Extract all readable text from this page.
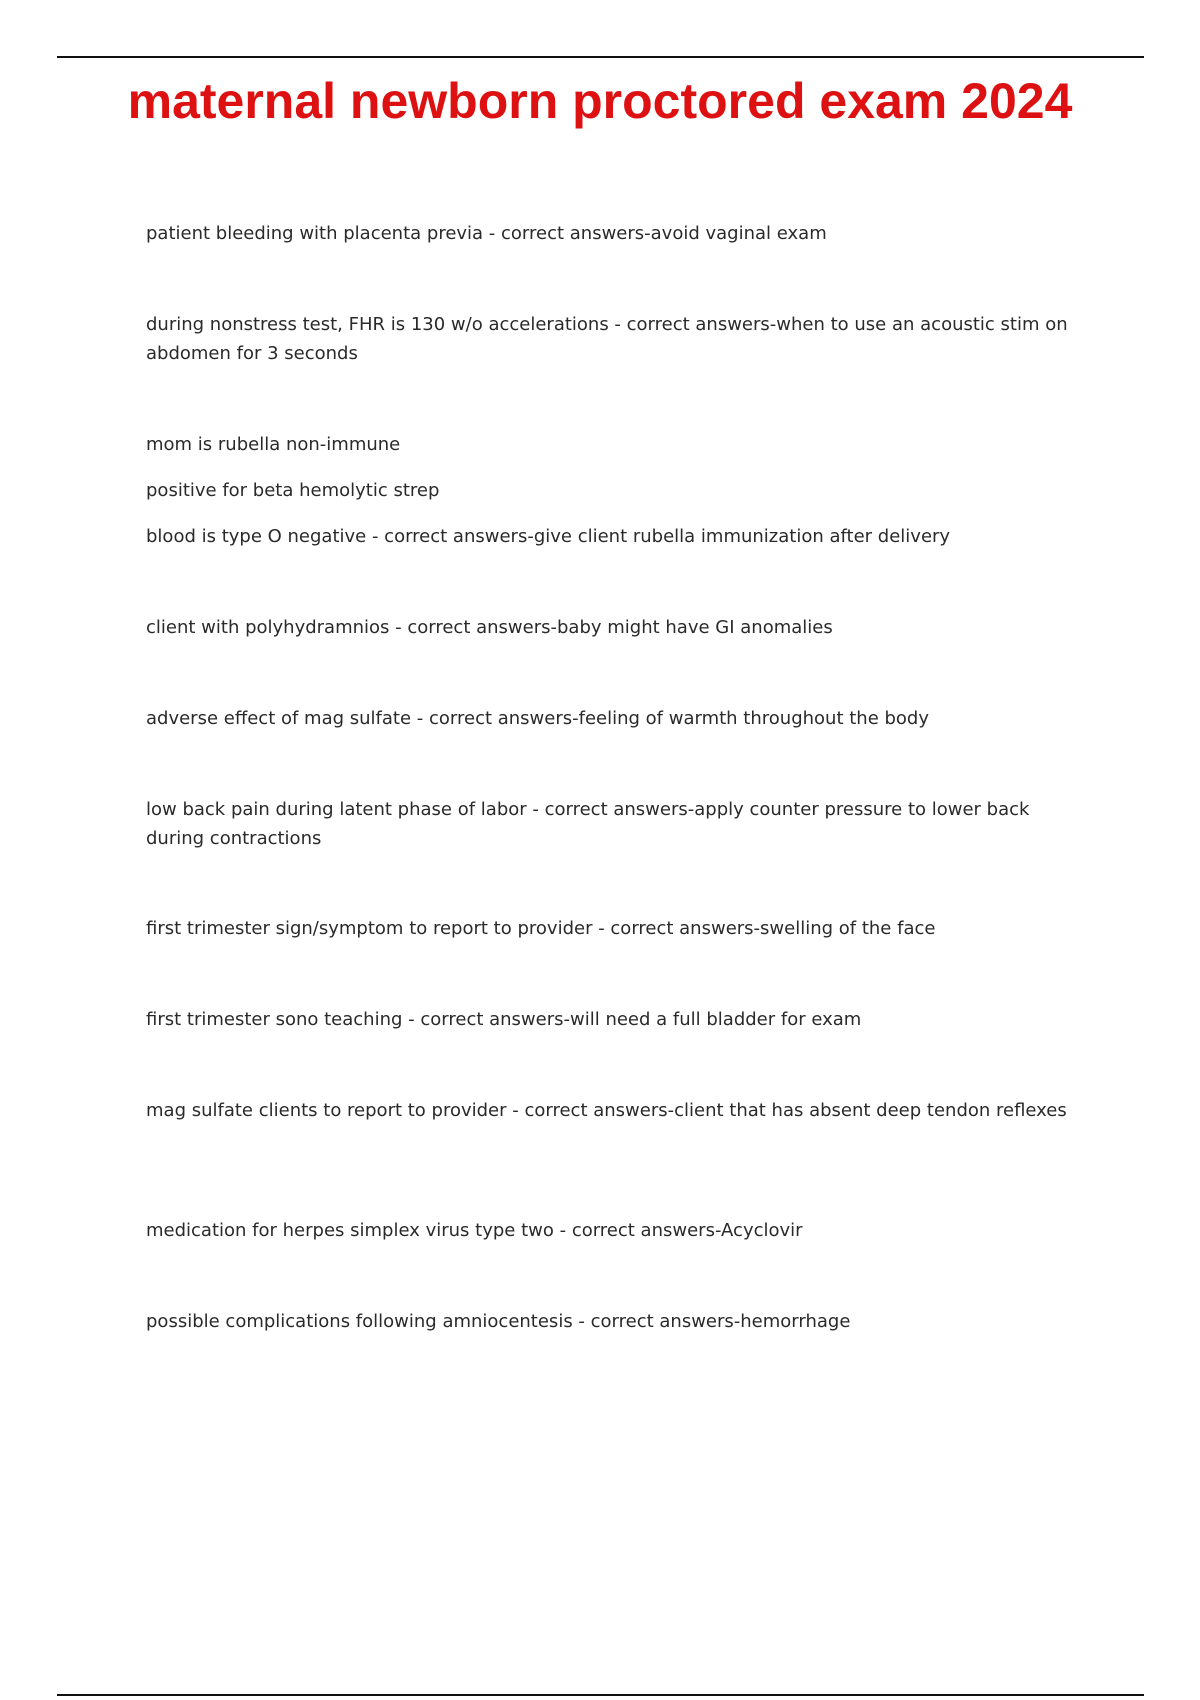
maternal newborn proctored exam 2024

patient bleeding with placenta previa - correct answers-avoid vaginal exam

during nonstress test, FHR is 130 w/o accelerations - correct answers-when to use an acoustic stim on abdomen for 3 seconds

mom is rubella non-immune

positive for beta hemolytic strep

blood is type O negative - correct answers-give client rubella immunization after delivery

client with polyhydramnios - correct answers-baby might have GI anomalies

adverse effect of mag sulfate - correct answers-feeling of warmth throughout the body

low back pain during latent phase of labor - correct answers-apply counter pressure to lower back during contractions

first trimester sign/symptom to report to provider - correct answers-swelling of the face

first trimester sono teaching - correct answers-will need a full bladder for exam

mag sulfate clients to report to provider - correct answers-client that has absent deep tendon reflexes

medication for herpes simplex virus type two - correct answers-Acyclovir

possible complications following amniocentesis - correct answers-hemorrhage
